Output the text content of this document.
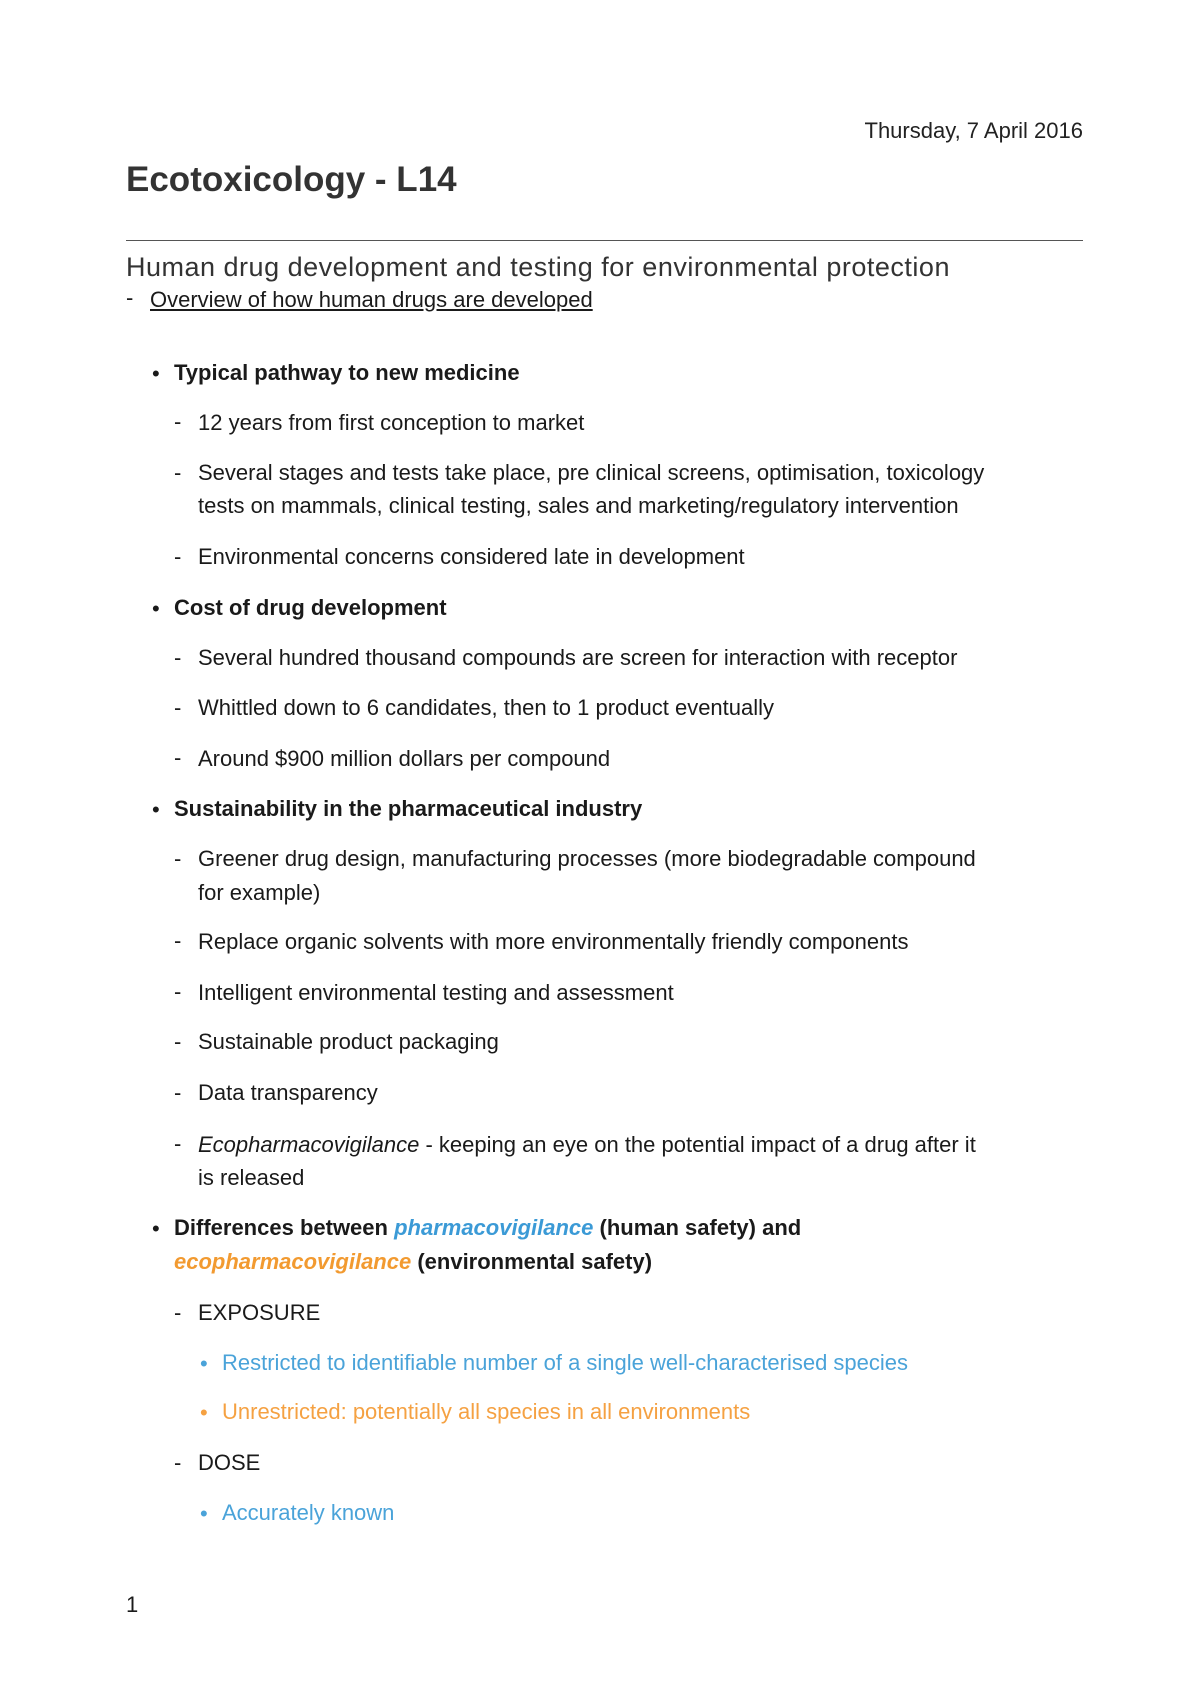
Thursday, 7 April 2016
Ecotoxicology - L14
Human drug development and testing for environmental protection
- Overview of how human drugs are developed
• Typical pathway to new medicine
- 12 years from first conception to market
- Several stages and tests take place, pre clinical screens, optimisation, toxicology
tests on mammals, clinical testing, sales and marketing/regulatory intervention
- Environmental concerns considered late in development
• Cost of drug development
- Several hundred thousand compounds are screen for interaction with receptor
- Whittled down to 6 candidates, then to 1 product eventually
- Around $900 million dollars per compound
• Sustainability in the pharmaceutical industry
- Greener drug design, manufacturing processes (more biodegradable compound
for example)
- Replace organic solvents with more environmentally friendly components
- Intelligent environmental testing and assessment
- Sustainable product packaging
- Data transparency
- Ecopharmacovigilance - keeping an eye on the potential impact of a drug after it
is released
• Differences between pharmacovigilance (human safety) and
ecopharmacovigilance (environmental safety)
- EXPOSURE
• Restricted to identifiable number of a single well-characterised species
• Unrestricted: potentially all species in all environments
- DOSE
• Accurately known
1
